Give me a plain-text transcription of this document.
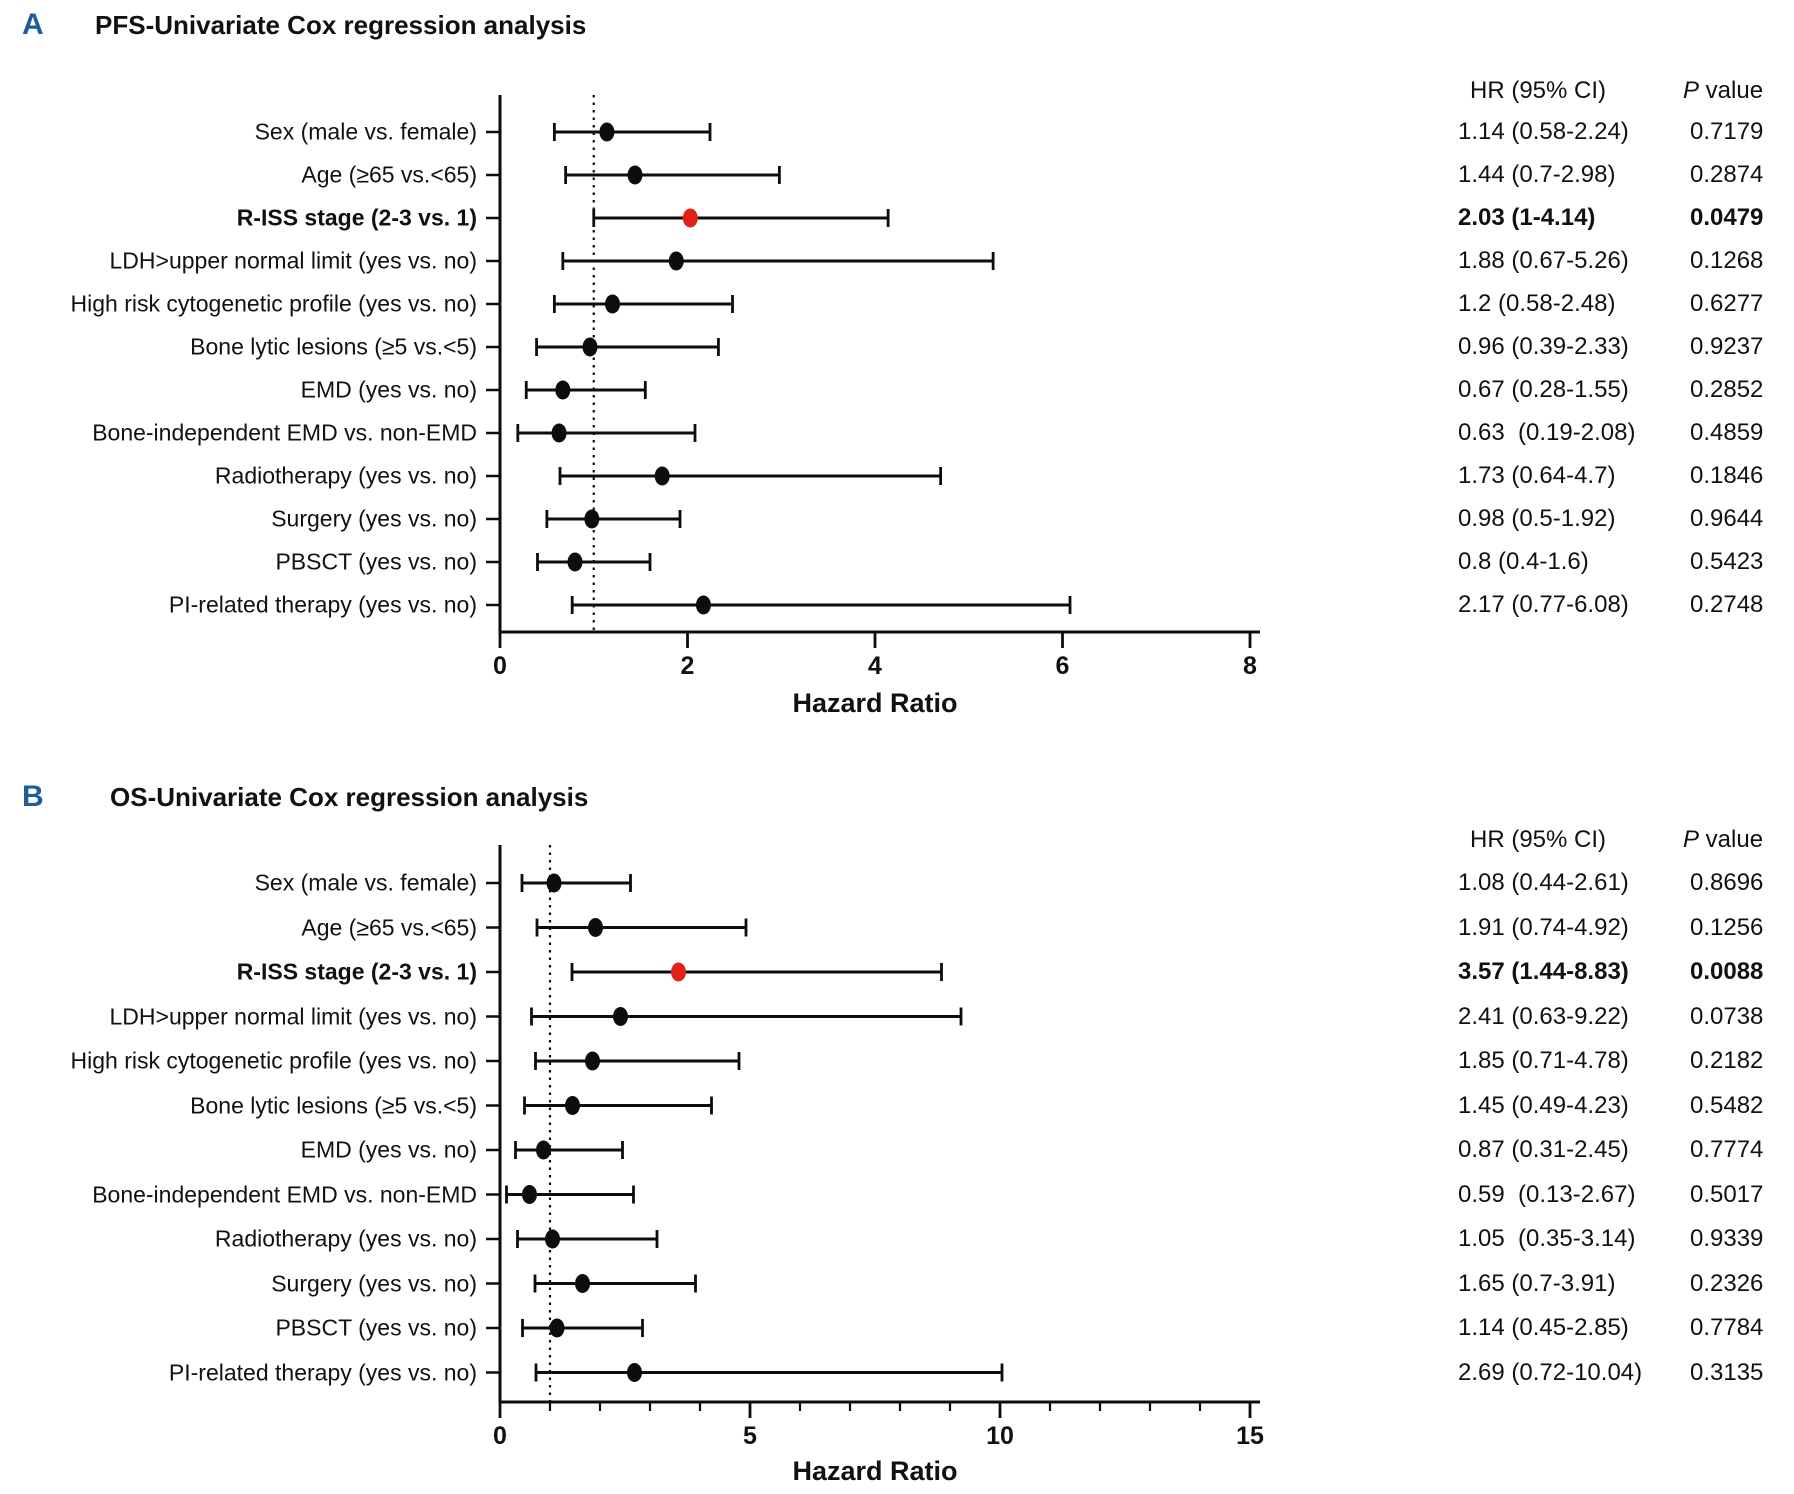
A PFS-Univariate Cox regression analysis
HR (95% CI)	P value
Sex (male vs. female)	1.14 (0.58-2.24)	0.7179
Age (≥65 vs.<65)	1.44 (0.7-2.98)	0.2874
R-ISS stage (2-3 vs. 1)	2.03 (1-4.14)	0.0479
LDH>upper normal limit (yes vs. no)	1.88 (0.67-5.26)	0.1268
High risk cytogenetic profile (yes vs. no)	1.2 (0.58-2.48)	0.6277
Bone lytic lesions (≥5 vs.<5)	0.96 (0.39-2.33)	0.9237
EMD (yes vs. no)	0.67 (0.28-1.55)	0.2852
Bone-independent EMD vs. non-EMD	0.63  (0.19-2.08) 0.4859
Radiotherapy (yes vs. no)	1.73 (0.64-4.7)	0.1846
Surgery (yes vs. no)	0.98 (0.5-1.92)	0.9644
PBSCT (yes vs. no)	0.8 (0.4-1.6)	0.5423
PI-related therapy (yes vs. no)	2.17 (0.77-6.08)	0.2748
B	OS-Univariate Cox regression analysis
HR (95% CI)	P value
Sex (male vs. female)	1.08 (0.44-2.61)	0.8696
Age (≥65 vs.<65)	1.91 (0.74-4.92)	0.1256
R-ISS stage (2-3 vs. 1)	3.57 (1.44-8.83)	0.0088
LDH>upper normal limit (yes vs. no)	2.41 (0.63-9.22)	0.0738
High risk cytogenetic profile (yes vs. no)	1.85 (0.71-4.78)	0.2182
Bone lytic lesions (≥5 vs.<5)	1.45 (0.49-4.23)	0.5482
EMD (yes vs. no)	0.87 (0.31-2.45)	0.7774
Bone-independent EMD vs. non-EMD	0.59  (0.13-2.67) 0.5017
Radiotherapy (yes vs. no)	1.05  (0.35-3.14) 0.9339
Surgery (yes vs. no)	1.65 (0.7-3.91)	0.2326
PBSCT (yes vs. no)	1.14 (0.45-2.85)	0.7784
PI-related therapy (yes vs. no)	2.69 (0.72-10.04) 0.3135
0	2	4	6	8
Hazard Ratio
0	5	10	15
Hazard Ratio
